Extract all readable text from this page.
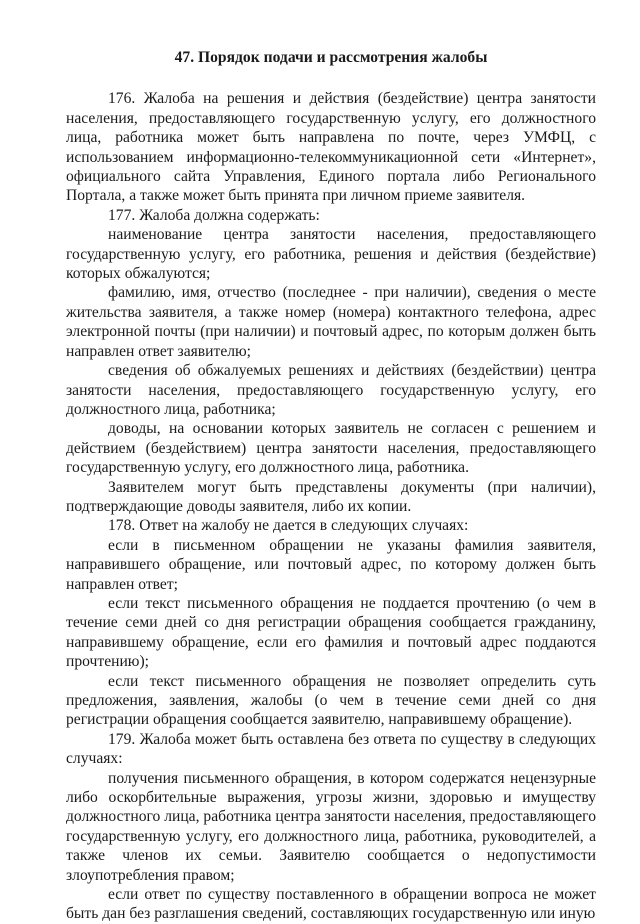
47. Порядок подачи и рассмотрения жалобы

176. Жалоба на решения и действия (бездействие) центра занятости населения, предоставляющего государственную услугу, его должностного лица, работника может быть направлена по почте, через УМФЦ, с использованием информационно-телекоммуникационной сети «Интернет», официального сайта Управления, Единого портала либо Регионального Портала, а также может быть принята при личном приеме заявителя.

177. Жалоба должна содержать:

наименование центра занятости населения, предоставляющего государственную услугу, его работника, решения и действия (бездействие) которых обжалуются;

фамилию, имя, отчество (последнее - при наличии), сведения о месте жительства заявителя, а также номер (номера) контактного телефона, адрес электронной почты (при наличии) и почтовый адрес, по которым должен быть направлен ответ заявителю;

сведения об обжалуемых решениях и действиях (бездействии) центра занятости населения, предоставляющего государственную услугу, его должностного лица, работника;

доводы, на основании которых заявитель не согласен с решением и действием (бездействием) центра занятости населения, предоставляющего государственную услугу, его должностного лица, работника.

Заявителем могут быть представлены документы (при наличии), подтверждающие доводы заявителя, либо их копии.

178. Ответ на жалобу не дается в следующих случаях:

если в письменном обращении не указаны фамилия заявителя, направившего обращение, или почтовый адрес, по которому должен быть направлен ответ;

если текст письменного обращения не поддается прочтению (о чем в течение семи дней со дня регистрации обращения сообщается гражданину, направившему обращение, если его фамилия и почтовый адрес поддаются прочтению);

если текст письменного обращения не позволяет определить суть предложения, заявления, жалобы (о чем в течение семи дней со дня регистрации обращения сообщается заявителю, направившему обращение).

179. Жалоба может быть оставлена без ответа по существу в следующих случаях:

получения письменного обращения, в котором содержатся нецензурные либо оскорбительные выражения, угрозы жизни, здоровью и имуществу должностного лица, работника центра занятости населения, предоставляющего государственную услугу, его должностного лица, работника, руководителей, а также членов их семьи. Заявителю сообщается о недопустимости злоупотребления правом;

если ответ по существу поставленного в обращении вопроса не может быть дан без разглашения сведений, составляющих государственную или иную
